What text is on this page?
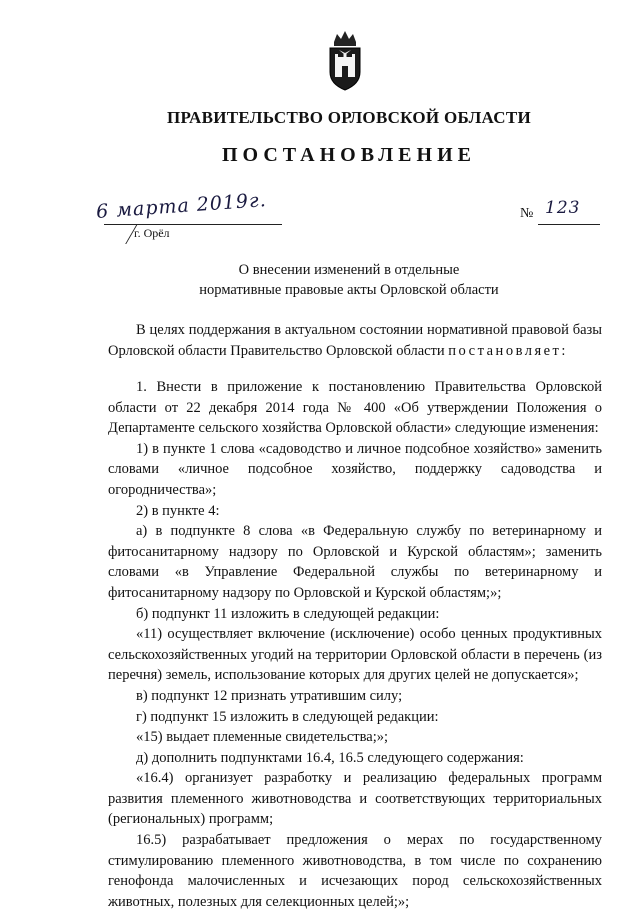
ПРАВИТЕЛЬСТВО ОРЛОВСКОЙ ОБЛАСТИ
ПОСТАНОВЛЕНИЕ
6 марта 2019г.
г. Орёл
№ 123
О внесении изменений в отдельные
нормативные правовые акты Орловской области

В целях поддержания в актуальном состоянии нормативной правовой базы Орловской области Правительство Орловской области постановляет:

1. Внести в приложение к постановлению Правительства Орловской области от 22 декабря 2014 года № 400 «Об утверждении Положения о Департаменте сельского хозяйства Орловской области» следующие изменения:

1) в пункте 1 слова «садоводство и личное подсобное хозяйство» заменить словами «личное подсобное хозяйство, поддержку садоводства и огородничества»;

2) в пункте 4:

а) в подпункте 8 слова «в Федеральную службу по ветеринарному и фитосанитарному надзору по Орловской и Курской областям»; заменить словами «в Управление Федеральной службы по ветеринарному и фитосанитарному надзору по Орловской и Курской областям;»;

б) подпункт 11 изложить в следующей редакции:

«11) осуществляет включение (исключение) особо ценных продуктивных сельскохозяйственных угодий на территории Орловской области в перечень (из перечня) земель, использование которых для других целей не допускается»;

в) подпункт 12 признать утратившим силу;

г) подпункт 15 изложить в следующей редакции:

«15) выдает племенные свидетельства;»;

д) дополнить подпунктами 16.4, 16.5 следующего содержания:

«16.4) организует разработку и реализацию федеральных программ развития племенного животноводства и соответствующих территориальных (региональных) программ;

16.5) разрабатывает предложения о мерах по государственному стимулированию племенного животноводства, в том числе по сохранению генофонда малочисленных и исчезающих пород сельскохозяйственных животных, полезных для селекционных целей;»;
